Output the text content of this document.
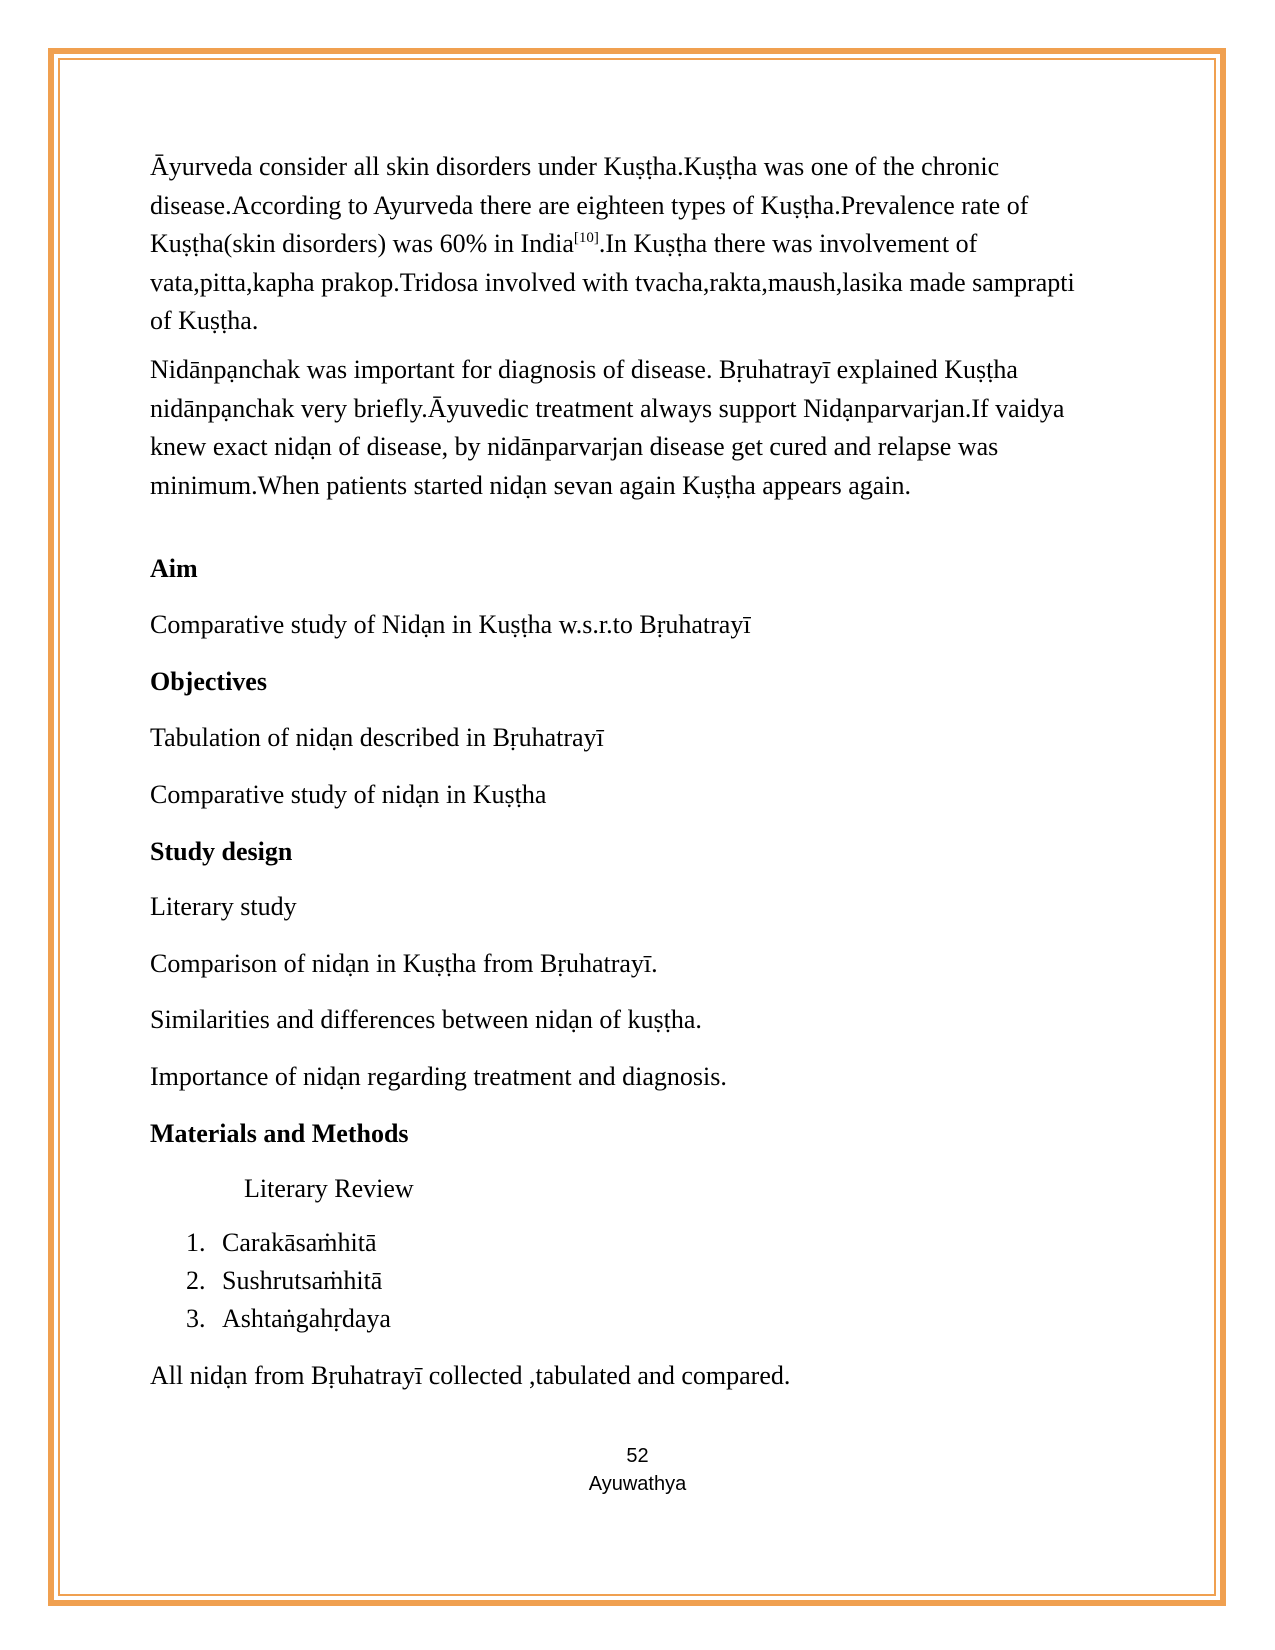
Āyurveda consider all skin disorders under Kuṣṭha.Kuṣṭha was one of the chronic disease.According to Ayurveda there are eighteen types of Kuṣṭha.Prevalence rate of Kuṣṭha(skin disorders) was 60% in India[10].In Kuṣṭha there was involvement of vata,pitta,kapha prakop.Tridosa involved with tvacha,rakta,maush,lasika made samprapti of Kuṣṭha.

Nidānpạnchak was important for diagnosis of disease. Bṛuhatrayī explained Kuṣṭha nidānpạnchak very briefly.Āyuvedic treatment always support Nidạnparvarjan.If vaidya knew exact nidạn of disease, by nidānparvarjan disease get cured and relapse was minimum.When patients started nidạn sevan again Kuṣṭha appears again.

Aim

Comparative study of Nidạn in Kuṣṭha w.s.r.to Bṛuhatrayī

Objectives

Tabulation of nidạn described in Bṛuhatrayī

Comparative study of nidạn in Kuṣṭha

Study design

Literary study

Comparison of nidạn in Kuṣṭha from Bṛuhatrayī.

Similarities and differences between nidạn of kuṣṭha.

Importance of nidạn regarding treatment and diagnosis.

Materials and Methods

Literary Review

1. Carakāsaṁhitā
2. Sushrutsaṁhitā
3. Ashtaṅgahṛdaya

All nidạn from Bṛuhatrayī collected ,tabulated and compared.

52
Ayuwathya
